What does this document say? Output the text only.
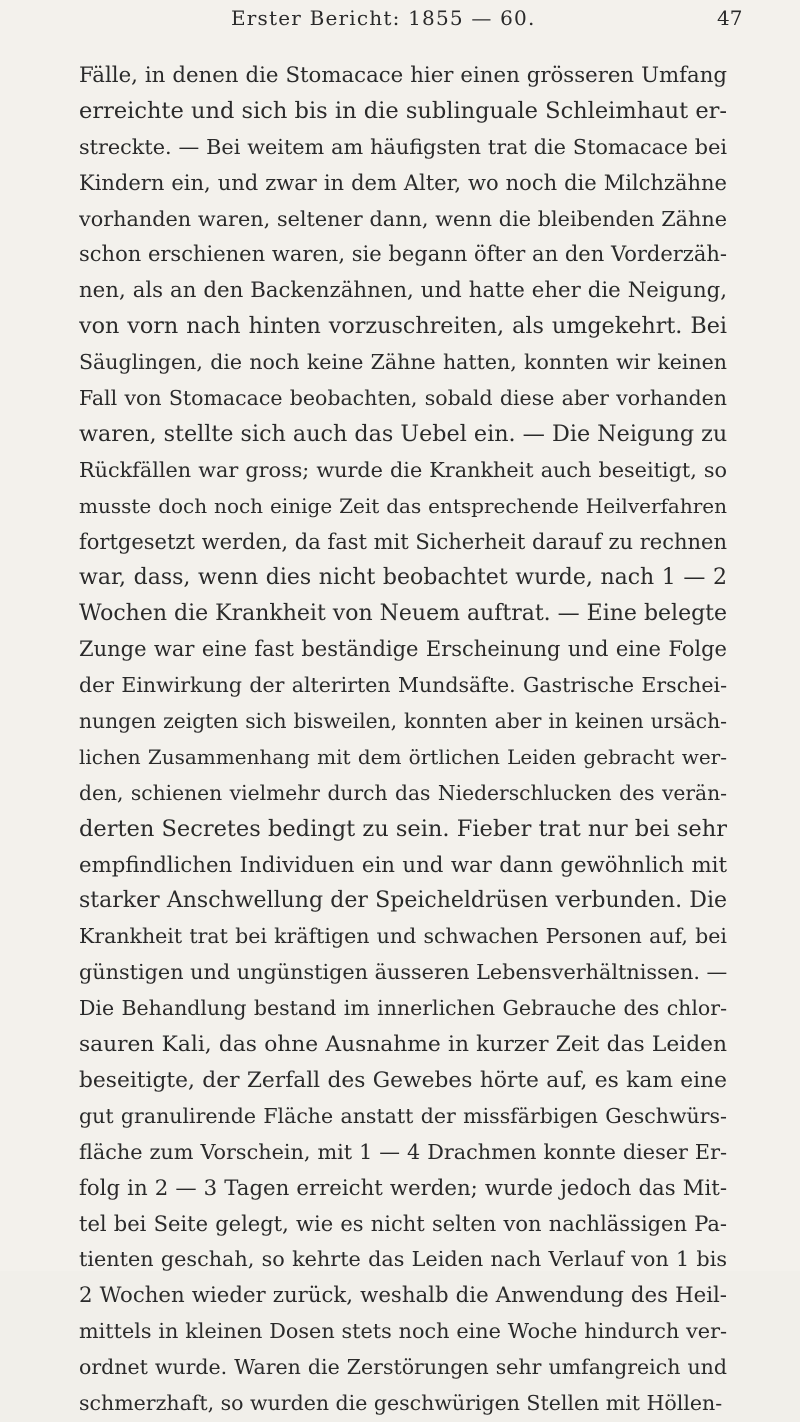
Erster Bericht: 1855 — 60.	47
Fälle, in denen die Stomacace hier einen grösseren Umfang
erreichte und sich bis in die sublinguale Schleimhaut er-
streckte. — Bei weitem am häufigsten trat die Stomacace bei
Kindern ein, und zwar in dem Alter, wo noch die Milchzähne
vorhanden waren, seltener dann, wenn die bleibenden Zähne
schon erschienen waren, sie begann öfter an den Vorderzäh-
nen, als an den Backenzähnen, und hatte eher die Neigung,
von vorn nach hinten vorzuschreiten, als umgekehrt. Bei
Säuglingen, die noch keine Zähne hatten, konnten wir keinen
Fall von Stomacace beobachten, sobald diese aber vorhanden
waren, stellte sich auch das Uebel ein. — Die Neigung zu
Rückfällen war gross; wurde die Krankheit auch beseitigt, so
musste doch noch einige Zeit das entsprechende Heilverfahren
fortgesetzt werden, da fast mit Sicherheit darauf zu rechnen
war, dass, wenn dies nicht beobachtet wurde, nach 1 — 2
Wochen die Krankheit von Neuem auftrat. — Eine belegte
Zunge war eine fast beständige Erscheinung und eine Folge
der Einwirkung der alterirten Mundsäfte. Gastrische Erschei-
nungen zeigten sich bisweilen, konnten aber in keinen ursäch-
lichen Zusammenhang mit dem örtlichen Leiden gebracht wer-
den, schienen vielmehr durch das Niederschlucken des verän-
derten Secretes bedingt zu sein. Fieber trat nur bei sehr
empfindlichen Individuen ein und war dann gewöhnlich mit
starker Anschwellung der Speicheldrüsen verbunden. Die
Krankheit trat bei kräftigen und schwachen Personen auf, bei
günstigen und ungünstigen äusseren Lebensverhältnissen. —
Die Behandlung bestand im innerlichen Gebrauche des chlor-
sauren Kali, das ohne Ausnahme in kurzer Zeit das Leiden
beseitigte, der Zerfall des Gewebes hörte auf, es kam eine
gut granulirende Fläche anstatt der missfärbigen Geschwürs-
fläche zum Vorschein, mit 1 — 4 Drachmen konnte dieser Er-
folg in 2 — 3 Tagen erreicht werden; wurde jedoch das Mit-
tel bei Seite gelegt, wie es nicht selten von nachlässigen Pa-
tienten geschah, so kehrte das Leiden nach Verlauf von 1 bis
2 Wochen wieder zurück, weshalb die Anwendung des Heil-
mittels in kleinen Dosen stets noch eine Woche hindurch ver-
ordnet wurde. Waren die Zerstörungen sehr umfangreich und
schmerzhaft, so wurden die geschwürigen Stellen mit Höllen-
